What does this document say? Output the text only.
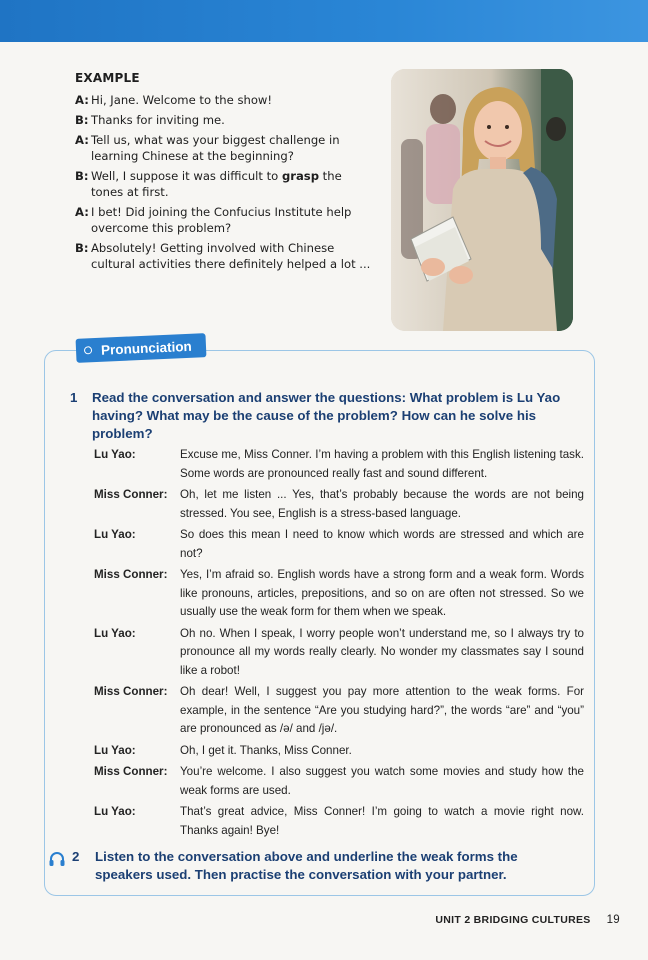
EXAMPLE
A: Hi, Jane. Welcome to the show!
B: Thanks for inviting me.
A: Tell us, what was your biggest challenge in learning Chinese at the beginning?
B: Well, I suppose it was difficult to grasp the tones at first.
A: I bet! Did joining the Confucius Institute help overcome this problem?
B: Absolutely! Getting involved with Chinese cultural activities there definitely helped a lot ...
Pronunciation
1 Read the conversation and answer the questions: What problem is Lu Yao having? What may be the cause of the problem? How can he solve his problem?
Lu Yao:	Excuse me, Miss Conner. I’m having a problem with this English listening task. Some words are pronounced really fast and sound different.
Miss Conner:	Oh, let me listen ... Yes, that’s probably because the words are not being stressed. You see, English is a stress-based language.
Lu Yao:	So does this mean I need to know which words are stressed and which are not?
Miss Conner:	Yes, I’m afraid so. English words have a strong form and a weak form. Words like pronouns, articles, prepositions, and so on are often not stressed. So we usually use the weak form for them when we speak.
Lu Yao:	Oh no. When I speak, I worry people won’t understand me, so I always try to pronounce all my words really clearly. No wonder my classmates say I sound like a robot!
Miss Conner:	Oh dear! Well, I suggest you pay more attention to the weak forms. For example, in the sentence “Are you studying hard?”, the words “are” and “you” are pronounced as /ə/ and /jə/.
Lu Yao:	Oh, I get it. Thanks, Miss Conner.
Miss Conner:	You’re welcome. I also suggest you watch some movies and study how the weak forms are used.
Lu Yao:	That’s great advice, Miss Conner! I’m going to watch a movie right now. Thanks again! Bye!
2 Listen to the conversation above and underline the weak forms the speakers used. Then practise the conversation with your partner.
UNIT 2 BRIDGING CULTURES 19
